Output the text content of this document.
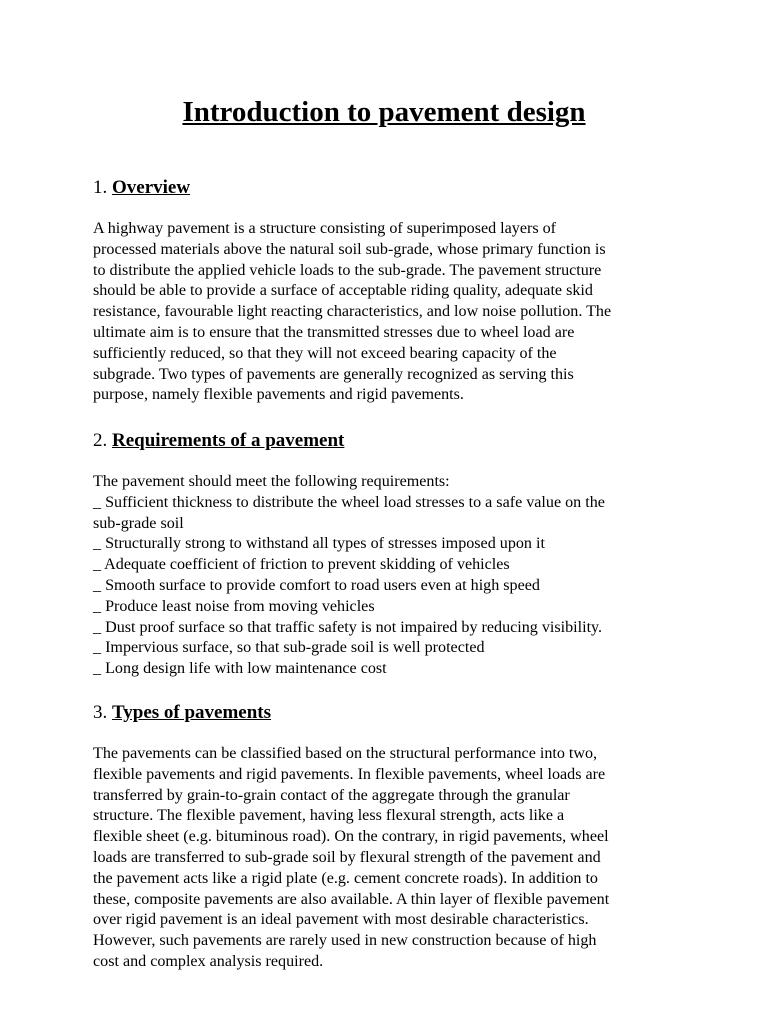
Introduction to pavement design
1. Overview
A highway pavement is a structure consisting of superimposed layers of
processed materials above the natural soil sub-grade, whose primary function is
to distribute the applied vehicle loads to the sub-grade. The pavement structure
should be able to provide a surface of acceptable riding quality, adequate skid
resistance, favourable light reacting characteristics, and low noise pollution. The
ultimate aim is to ensure that the transmitted stresses due to wheel load are
sufficiently reduced, so that they will not exceed bearing capacity of the
subgrade. Two types of pavements are generally recognized as serving this
purpose, namely flexible pavements and rigid pavements.
2. Requirements of a pavement
The pavement should meet the following requirements:
_ Sufficient thickness to distribute the wheel load stresses to a safe value on the
sub-grade soil
_ Structurally strong to withstand all types of stresses imposed upon it
_ Adequate coefficient of friction to prevent skidding of vehicles
_ Smooth surface to provide comfort to road users even at high speed
_ Produce least noise from moving vehicles
_ Dust proof surface so that traffic safety is not impaired by reducing visibility.
_ Impervious surface, so that sub-grade soil is well protected
_ Long design life with low maintenance cost
3. Types of pavements
The pavements can be classified based on the structural performance into two,
flexible pavements and rigid pavements. In flexible pavements, wheel loads are
transferred by grain-to-grain contact of the aggregate through the granular
structure. The flexible pavement, having less flexural strength, acts like a
flexible sheet (e.g. bituminous road). On the contrary, in rigid pavements, wheel
loads are transferred to sub-grade soil by flexural strength of the pavement and
the pavement acts like a rigid plate (e.g. cement concrete roads). In addition to
these, composite pavements are also available. A thin layer of flexible pavement
over rigid pavement is an ideal pavement with most desirable characteristics.
However, such pavements are rarely used in new construction because of high
cost and complex analysis required.
